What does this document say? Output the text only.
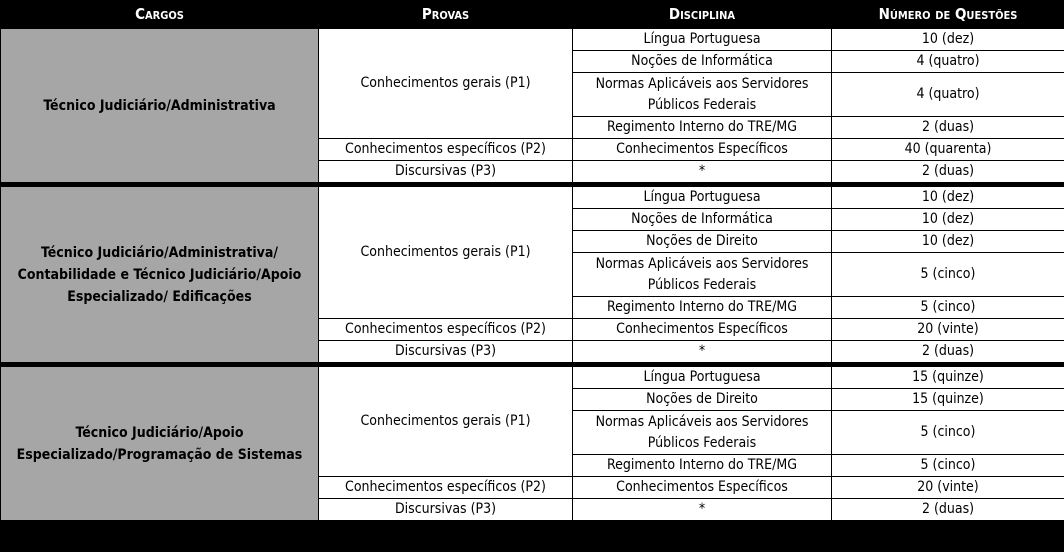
Cargos	Provas	Disciplina	Número de Questões
Técnico Judiciário/Administrativa	Conhecimentos gerais (P1)	Língua Portuguesa	10 (dez)
		Noções de Informática	4 (quatro)
		Normas Aplicáveis aos Servidores Públicos Federais	4 (quatro)
		Regimento Interno do TRE/MG	2 (duas)
	Conhecimentos específicos (P2)	Conhecimentos Específicos	40 (quarenta)
	Discursivas (P3)	*	2 (duas)

Técnico Judiciário/Administrativa/ Contabilidade e Técnico Judiciário/Apoio Especializado/ Edificações	Conhecimentos gerais (P1)	Língua Portuguesa	10 (dez)
		Noções de Informática	10 (dez)
		Noções de Direito	10 (dez)
		Normas Aplicáveis aos Servidores Públicos Federais	5 (cinco)
		Regimento Interno do TRE/MG	5 (cinco)
	Conhecimentos específicos (P2)	Conhecimentos Específicos	20 (vinte)
	Discursivas (P3)	*	2 (duas)

Técnico Judiciário/Apoio Especializado/Programação de Sistemas	Conhecimentos gerais (P1)	Língua Portuguesa	15 (quinze)
		Noções de Direito	15 (quinze)
		Normas Aplicáveis aos Servidores Públicos Federais	5 (cinco)
		Regimento Interno do TRE/MG	5 (cinco)
	Conhecimentos específicos (P2)	Conhecimentos Específicos	20 (vinte)
	Discursivas (P3)	*	2 (duas)
